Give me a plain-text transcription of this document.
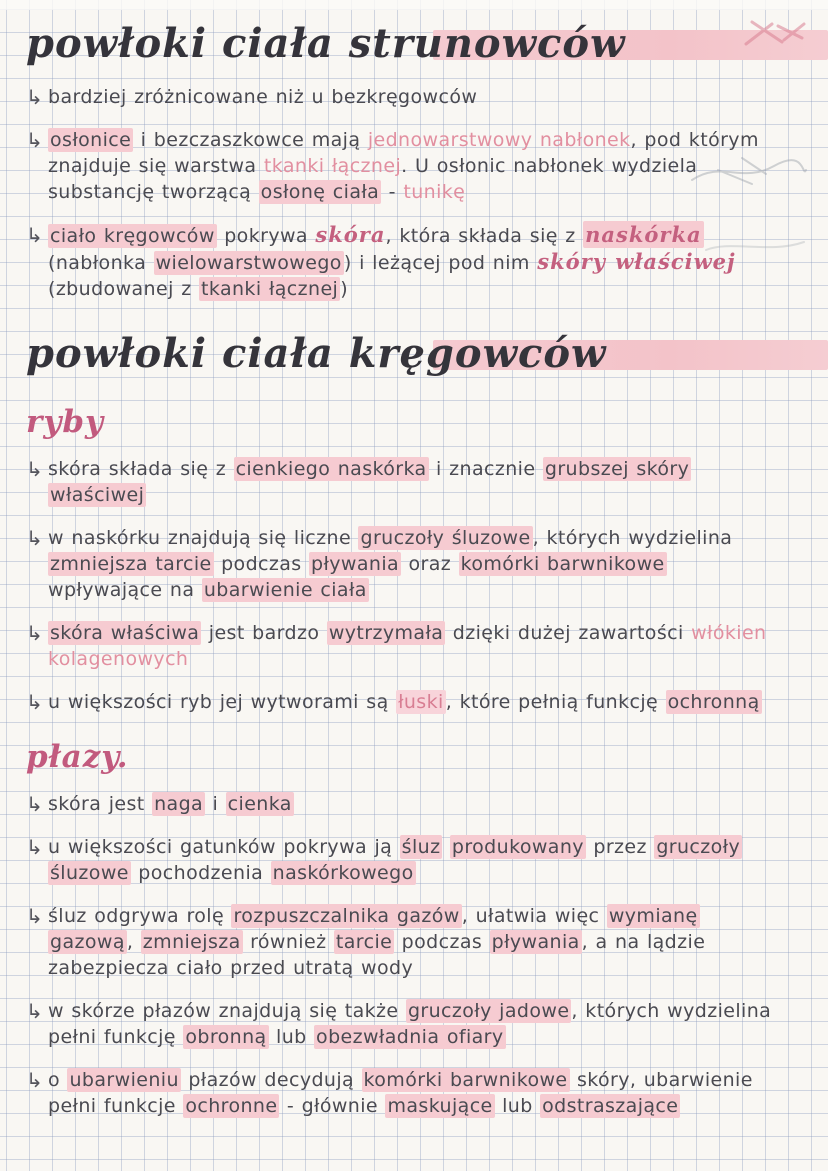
powłoki ciała strunowców
↳ bardziej zróżnicowane niż u bezkręgowców
↳ osłonice i bezczaszkowce mają jednowarstwowy nabłonek, pod którym znajduje się warstwa tkanki łącznej. U osłonic nabłonek wydziela substancję tworzącą osłonę ciała - tunikę
↳ ciało kręgowców pokrywa skóra, która składa się z naskórka (nabłonka wielowarstwowego ) i leżącej pod nim skóry właściwej (zbudowanej z tkanki łącznej )
powłoki ciała kręgowców
ryby
↳ skóra składa się z cienkiego naskórka i znacznie grubszej skóry właściwej
↳ w naskórku znajdują się liczne gruczoły śluzowe , których wydzielina zmniejsza tarcie podczas pływania oraz komórki barwnikowe wpływające na ubarwienie ciała
↳ skóra właściwa jest bardzo wytrzymała dzięki dużej zawartości włókien kolagenowych
↳ u większości ryb jej wytworami są łuski , które pełnią funkcję ochronną
płazy.
↳ skóra jest naga i cienka
↳ u większości gatunków pokrywa ją śluz produkowany przez gruczoły śluzowe pochodzenia naskórkowego
↳ śluz odgrywa rolę rozpuszczalnika gazów , ułatwia więc wymianę gazową , zmniejsza również tarcie podczas pływania , a na lądzie zabezpiecza ciało przed utratą wody
↳ w skórze płazów znajdują się także gruczoły jadowe , których wydzielina pełni funkcję obronną lub obezwładnia ofiary
↳ o ubarwieniu płazów decydują komórki barwnikowe skóry, ubarwienie pełni funkcje ochronne - głównie maskujące lub odstraszające
